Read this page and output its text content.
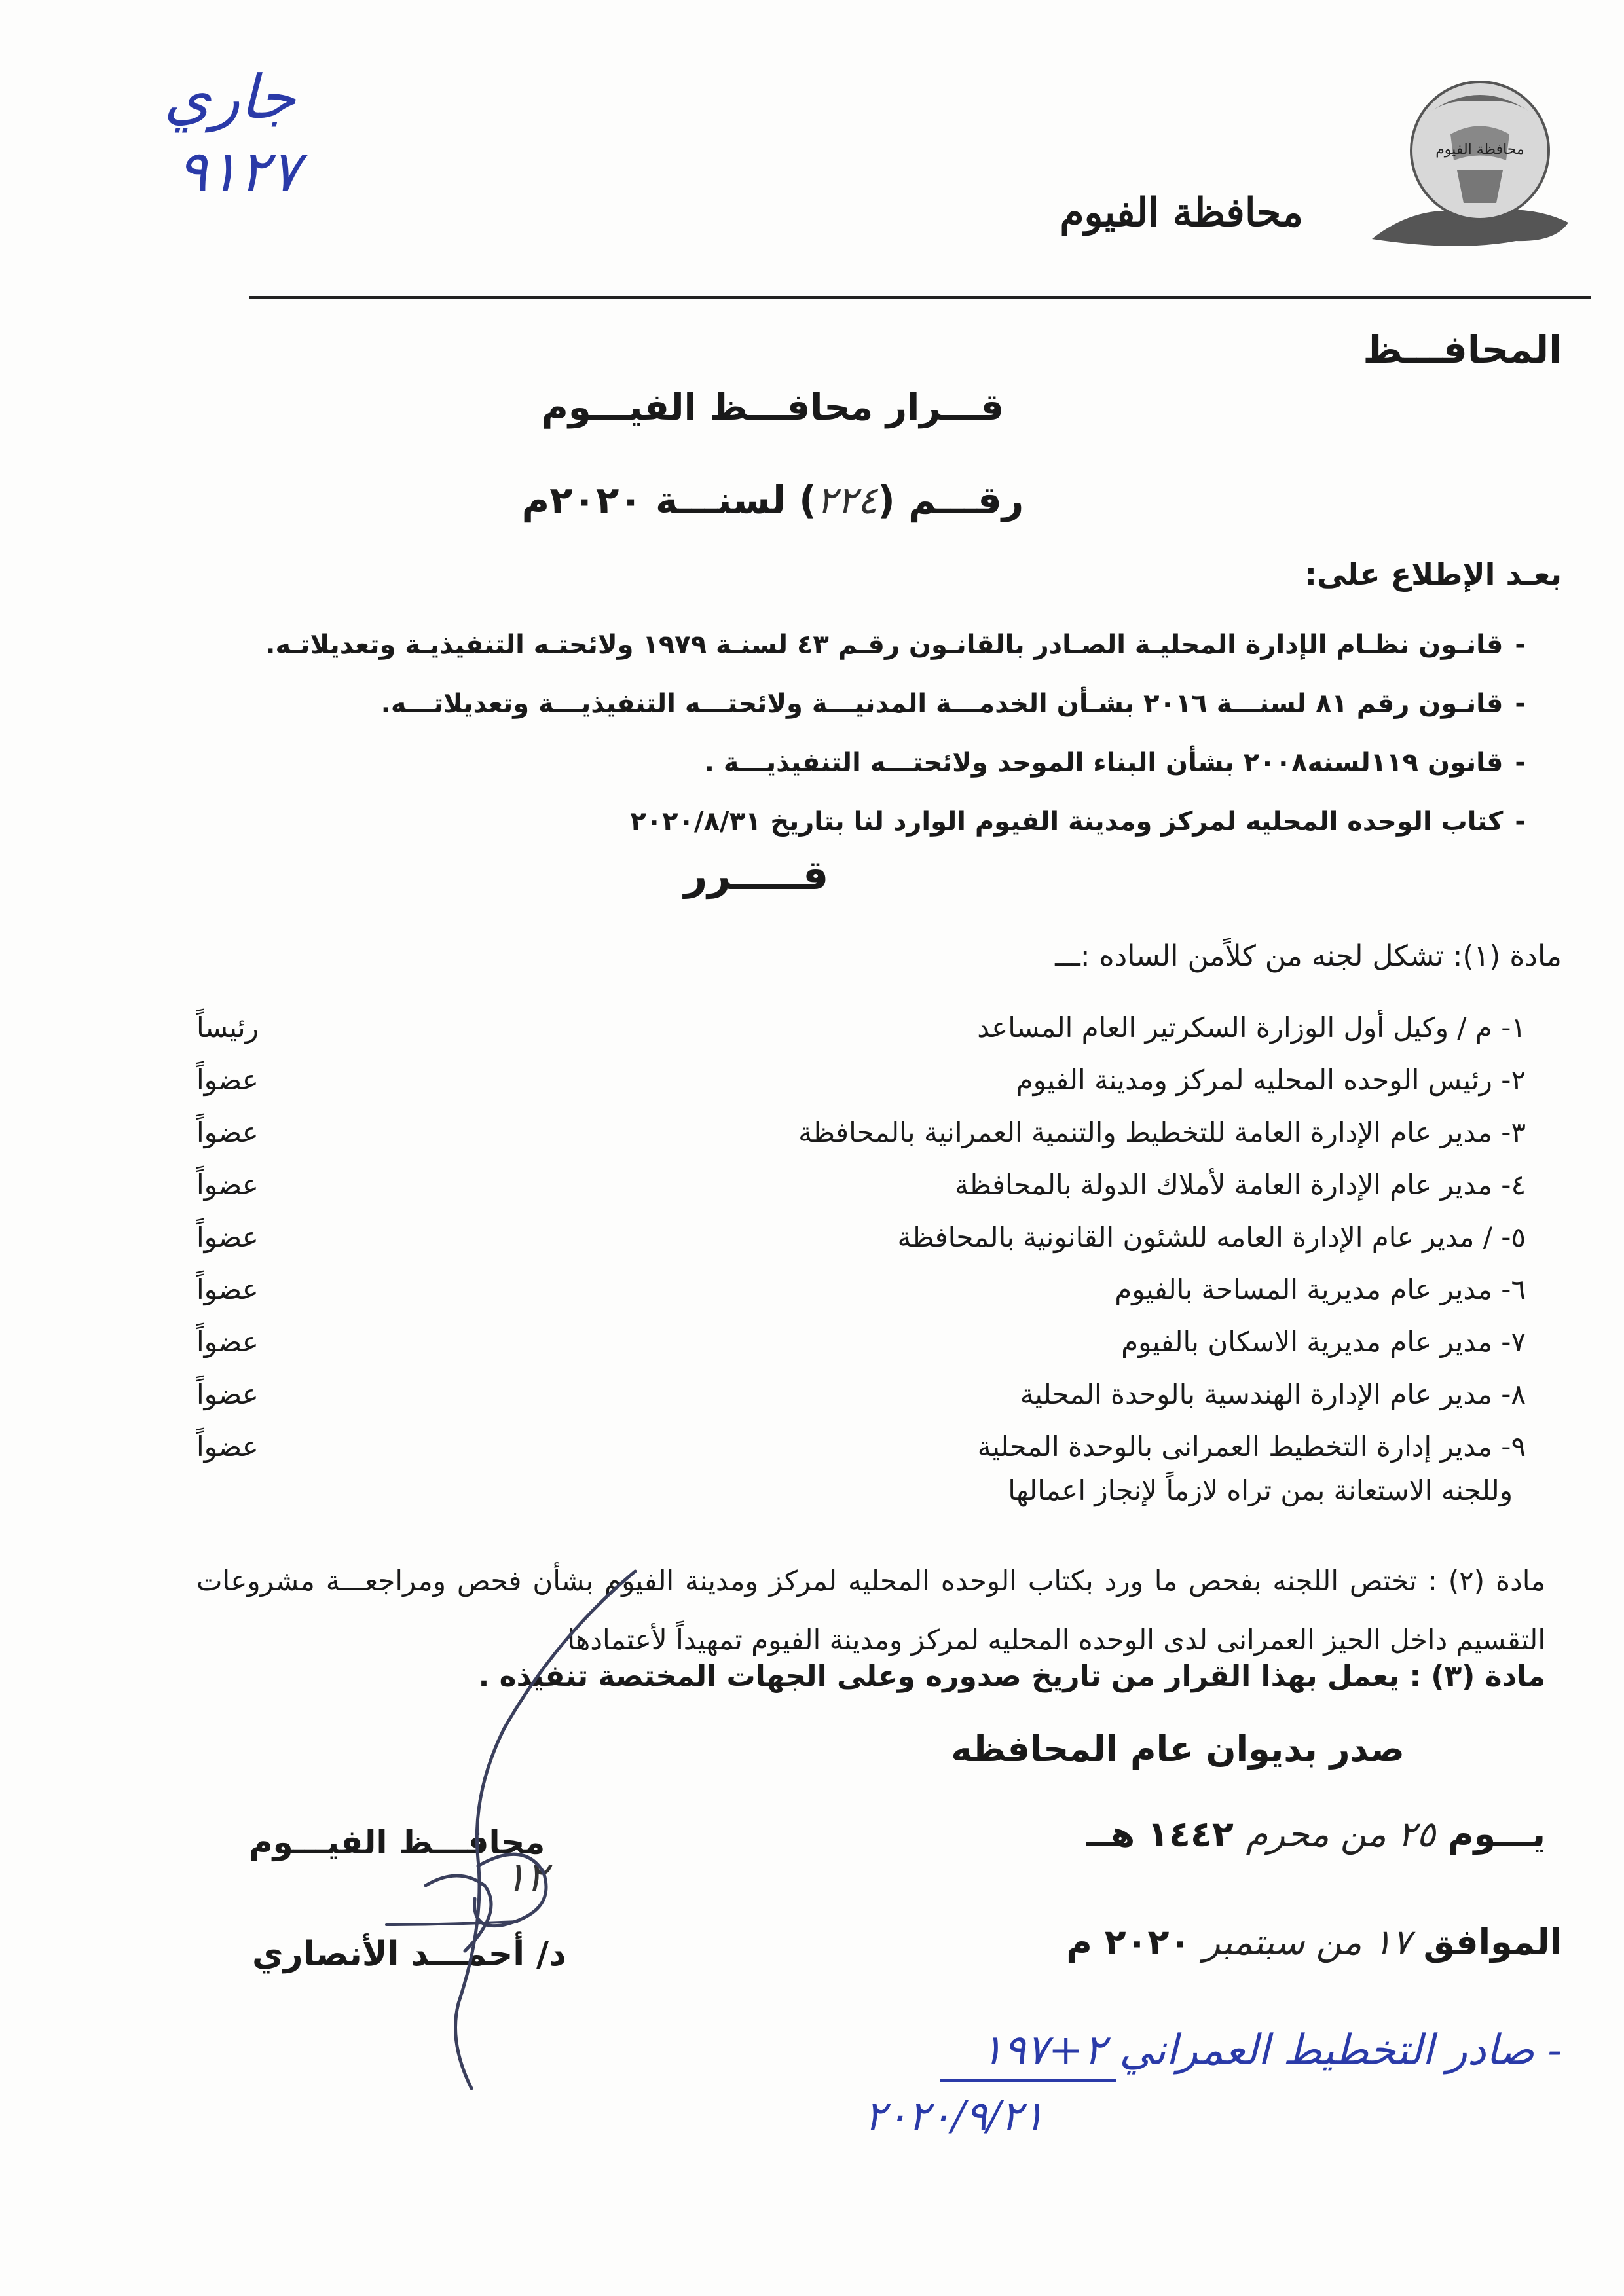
محافظة الفيوم
محافظة الفيوم
جاري
٩١٢٧
المحافـــظ
قـــرار محافـــظ الفيـــوم
رقـــم (٢٢٤) لسنـــة ٢٠٢٠م
بعـد الإطلاع على:
-قانـون نظـام الإدارة المحليـة الصـادر بالقانـون رقـم ٤٣ لسنـة ١٩٧٩ ولائحتـه التنفيذيـة وتعديلاتـه.
-قانـون رقم ٨١ لسنـــة ٢٠١٦ بشـأن الخدمـــة المدنيـــة ولائحتـــه التنفيذيـــة وتعديلاتـــه.
-قانون ١١٩لسنه٢٠٠٨ بشأن البناء الموحد ولائحتـــه التنفيذيـــة .
-كتاب الوحده المحليه لمركز ومدينة الفيوم الوارد لنا بتاريخ ٢٠٢٠/٨/٣١
قـــــرر
مادة (١): تشكل لجنه من كلاًمن الساده :ـــ
١- م / وكيل أول الوزارة السكرتير العام المساعد
رئيساً
٢- رئيس الوحده المحليه لمركز ومدينة الفيوم
عضواً
٣- مدير عام الإدارة العامة للتخطيط والتنمية العمرانية بالمحافظة
عضواً
٤- مدير عام الإدارة العامة لأملاك الدولة بالمحافظة
عضواً
٥- / مدير عام الإدارة العامه للشئون القانونية بالمحافظة
عضواً
٦- مدير عام مديرية المساحة بالفيوم
عضواً
٧- مدير عام مديرية الاسكان بالفيوم
عضواً
٨- مدير عام الإدارة الهندسية بالوحدة المحلية
عضواً
٩- مدير إدارة التخطيط العمرانى بالوحدة المحلية
عضواً
وللجنه الاستعانة بمن تراه لازماً لإنجاز اعمالها
مادة (٢) : تختص اللجنه بفحص ما ورد بكتاب الوحده المحليه لمركز ومدينة الفيوم بشأن فحص ومراجعـــة مشروعات التقسيم داخل الحيز العمرانى لدى الوحده المحليه لمركز ومدينة الفيوم تمهيداً لأعتمادها
مادة (٣) : يعمل بهذا القرار من تاريخ صدوره وعلى الجهات المختصة تنفيذه .
صدر بديوان عام المحافظه
يـــوم ٢٥ من محرم ١٤٤٢ هــ
الموافق ١٧ من سبتمبر ٢٠٢٠ م
محافـــظ الفيـــوم
د/ أحمـــد الأنصاري
١٢
- صادر التخطيط العمراني ٢+١٩٧
٢٠٢٠/٩/٢١
